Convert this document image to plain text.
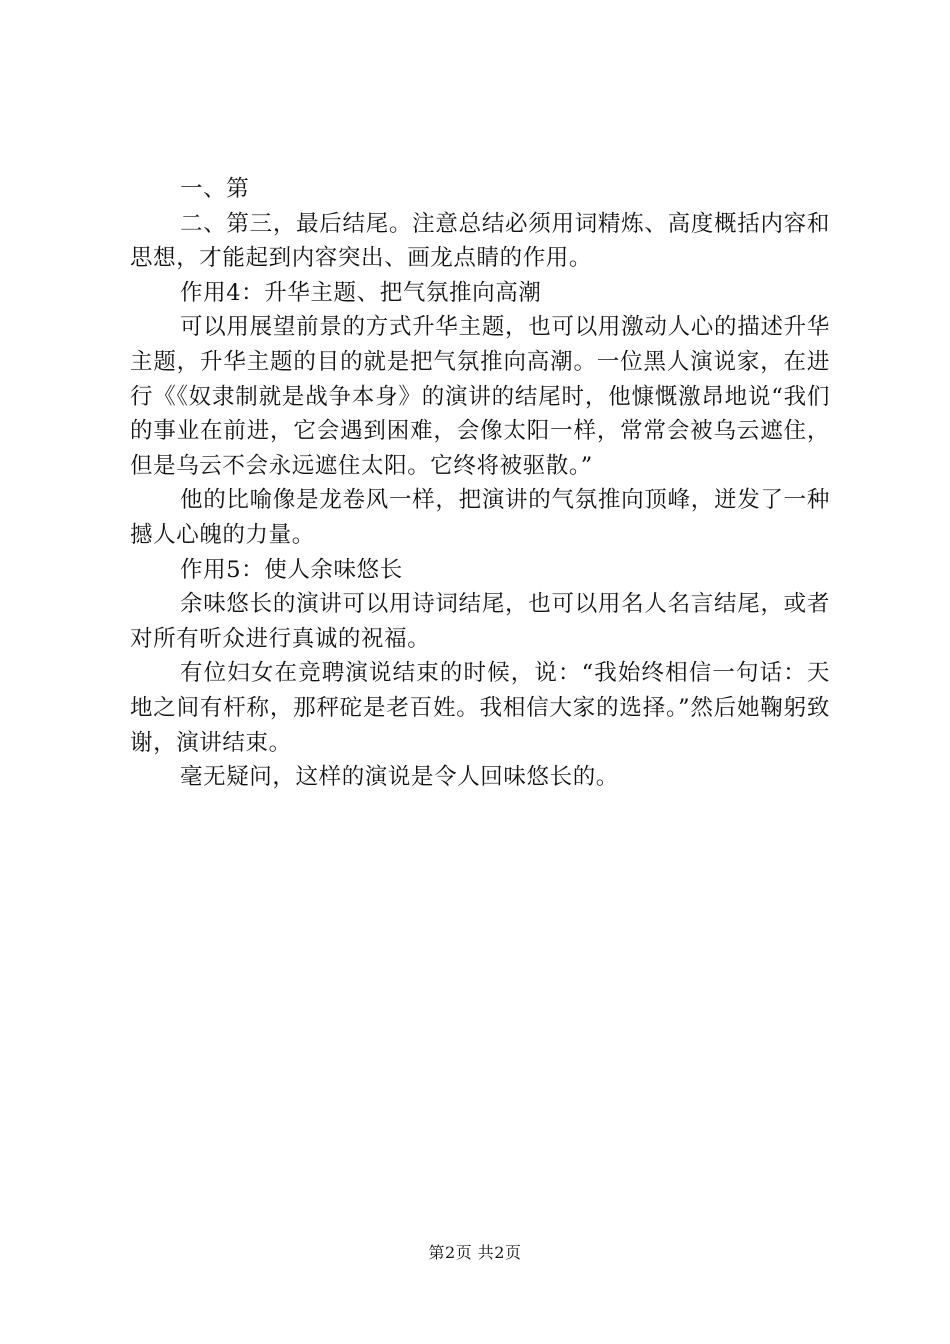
一、第

二、第三，最后结尾。注意总结必须用词精炼、高度概括内容和思想，才能起到内容突出、画龙点睛的作用。

作用4：升华主题、把气氛推向高潮

可以用展望前景的方式升华主题，也可以用激动人心的描述升华主题，升华主题的目的就是把气氛推向高潮。一位黑人演说家，在进行《《奴隶制就是战争本身》的演讲的结尾时，他慷慨激昂地说“我们的事业在前进，它会遇到困难，会像太阳一样，常常会被乌云遮住，但是乌云不会永远遮住太阳。它终将被驱散。”

他的比喻像是龙卷风一样，把演讲的气氛推向顶峰，迸发了一种撼人心魄的力量。

作用5：使人余味悠长

余味悠长的演讲可以用诗词结尾，也可以用名人名言结尾，或者对所有听众进行真诚的祝福。

有位妇女在竞聘演说结束的时候，说：“我始终相信一句话：天地之间有杆称，那秤砣是老百姓。我相信大家的选择。”然后她鞠躬致谢，演讲结束。

毫无疑问，这样的演说是令人回味悠长的。

第2页 共2页
